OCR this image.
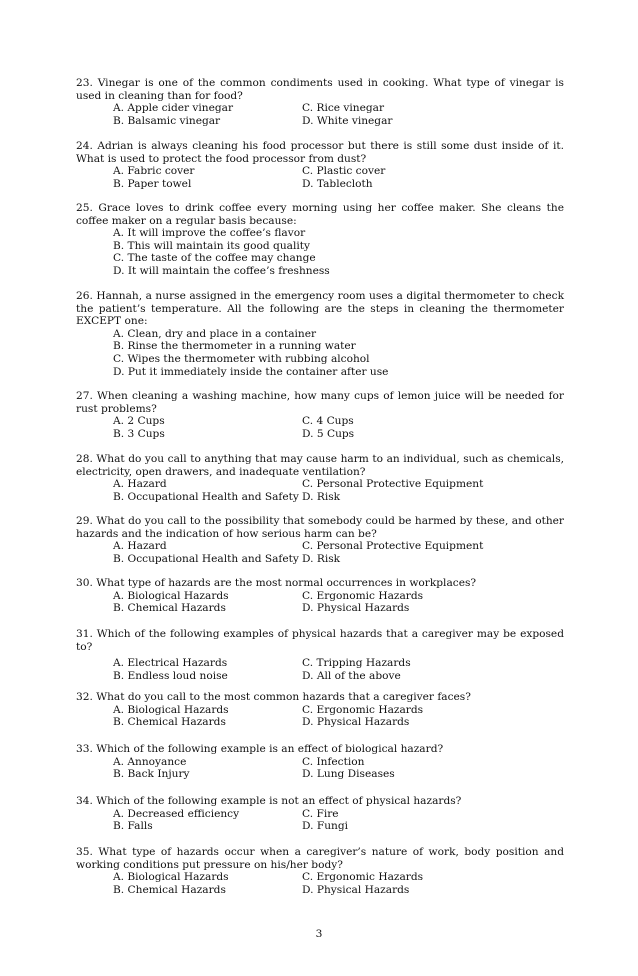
23. Vinegar is one of the common condiments used in cooking. What type of vinegar is used in cleaning than for food?

A. Apple cider vinegar	C. Rice vinegar
B. Balsamic vinegar	D. White vinegar

24. Adrian is always cleaning his food processor but there is still some dust inside of it. What is used to protect the food processor from dust?

A. Fabric cover	C. Plastic cover
B. Paper towel	D. Tablecloth

25. Grace loves to drink coffee every morning using her coffee maker. She cleans the coffee maker on a regular basis because:

A. It will improve the coffee’s flavor
B. This will maintain its good quality
C. The taste of the coffee may change
D. It will maintain the coffee’s freshness

26. Hannah, a nurse assigned in the emergency room uses a digital thermometer to check the patient’s temperature. All the following are the steps in cleaning the thermometer EXCEPT one:

A. Clean, dry and place in a container
B. Rinse the thermometer in a running water
C. Wipes the thermometer with rubbing alcohol
D. Put it immediately inside the container after use

27. When cleaning a washing machine, how many cups of lemon juice will be needed for rust problems?

A. 2 Cups	C. 4 Cups
B. 3 Cups	D. 5 Cups

28. What do you call to anything that may cause harm to an individual, such as chemicals, electricity, open drawers, and inadequate ventilation?

A. Hazard	C. Personal Protective Equipment
B. Occupational Health and Safety D. Risk

29. What do you call to the possibility that somebody could be harmed by these, and other hazards and the indication of how serious harm can be?

A. Hazard	C. Personal Protective Equipment
B. Occupational Health and Safety D. Risk

30. What type of hazards are the most normal occurrences in workplaces?

A. Biological Hazards	C. Ergonomic Hazards
B. Chemical Hazards	D. Physical Hazards

31. Which of the following examples of physical hazards that a caregiver may be exposed to?

A. Electrical Hazards	C. Tripping Hazards
B. Endless loud noise	D. All of the above

32. What do you call to the most common hazards that a caregiver faces?

A. Biological Hazards	C. Ergonomic Hazards
B. Chemical Hazards	D. Physical Hazards

33. Which of the following example is an effect of biological hazard?

A. Annoyance	C. Infection
B. Back Injury	D. Lung Diseases

34. Which of the following example is not an effect of physical hazards?

A. Decreased efficiency	C. Fire
B. Falls	D. Fungi

35. What type of hazards occur when a caregiver’s nature of work, body position and working conditions put pressure on his/her body?

A. Biological Hazards	C. Ergonomic Hazards
B. Chemical Hazards	D. Physical Hazards
3
